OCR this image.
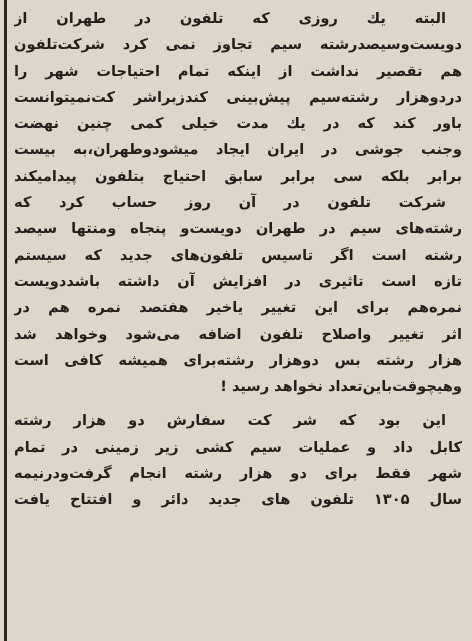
البته یك روزی كه تلفون در طهران از
دویست‌وسیصدرشته سیم تجاوز نمی کرد شركت‌تلفون
هم تقصیر نداشت از اینكه تمام احتیاجات شهر را
دردوهزار رشته‌سیم پیش‌بینی كندزبرا‌شر كت‌نمیتوانست
باور كند كه در یك مدت خیلی كمی چنین نهضت
وجنب جوشی در ایران ایجاد میشودوطهران،به بیست
برابر بلكه سی برابر سابق احتیاج بتلفون پیدامیكند
شركت تلفون در آن روز حساب كرد كه
رشته‌های سیم در طهران دویست‌و پنجاه ومنتها سیصد
رشته است اگر تاسیس تلفون‌های جدید كه سیستم
تازه است تاثیری در افزایش آن داشته باشددویست
نمره‌هم برای این تغییر یاخیر هفتصد نمره هم در
اثر تغییر واصلاح تلفون اضافه می‌شود وخواهد شد
هزار رشته بس دوهزار رشته‌برای همیشه كافی است
وهیچوقت‌باین‌تعداد نخواهد رسید !
این بود كه شر كت سفارش دو هزار رشته
كابل داد و عملیات سیم كشی زیر زمینی در تمام
شهر فقط برای دو هزار رشته انجام گرفت‌ودرنیمه
سال ۱۳۰۵ تلفون های جدید دائر و افتتاح یافت
